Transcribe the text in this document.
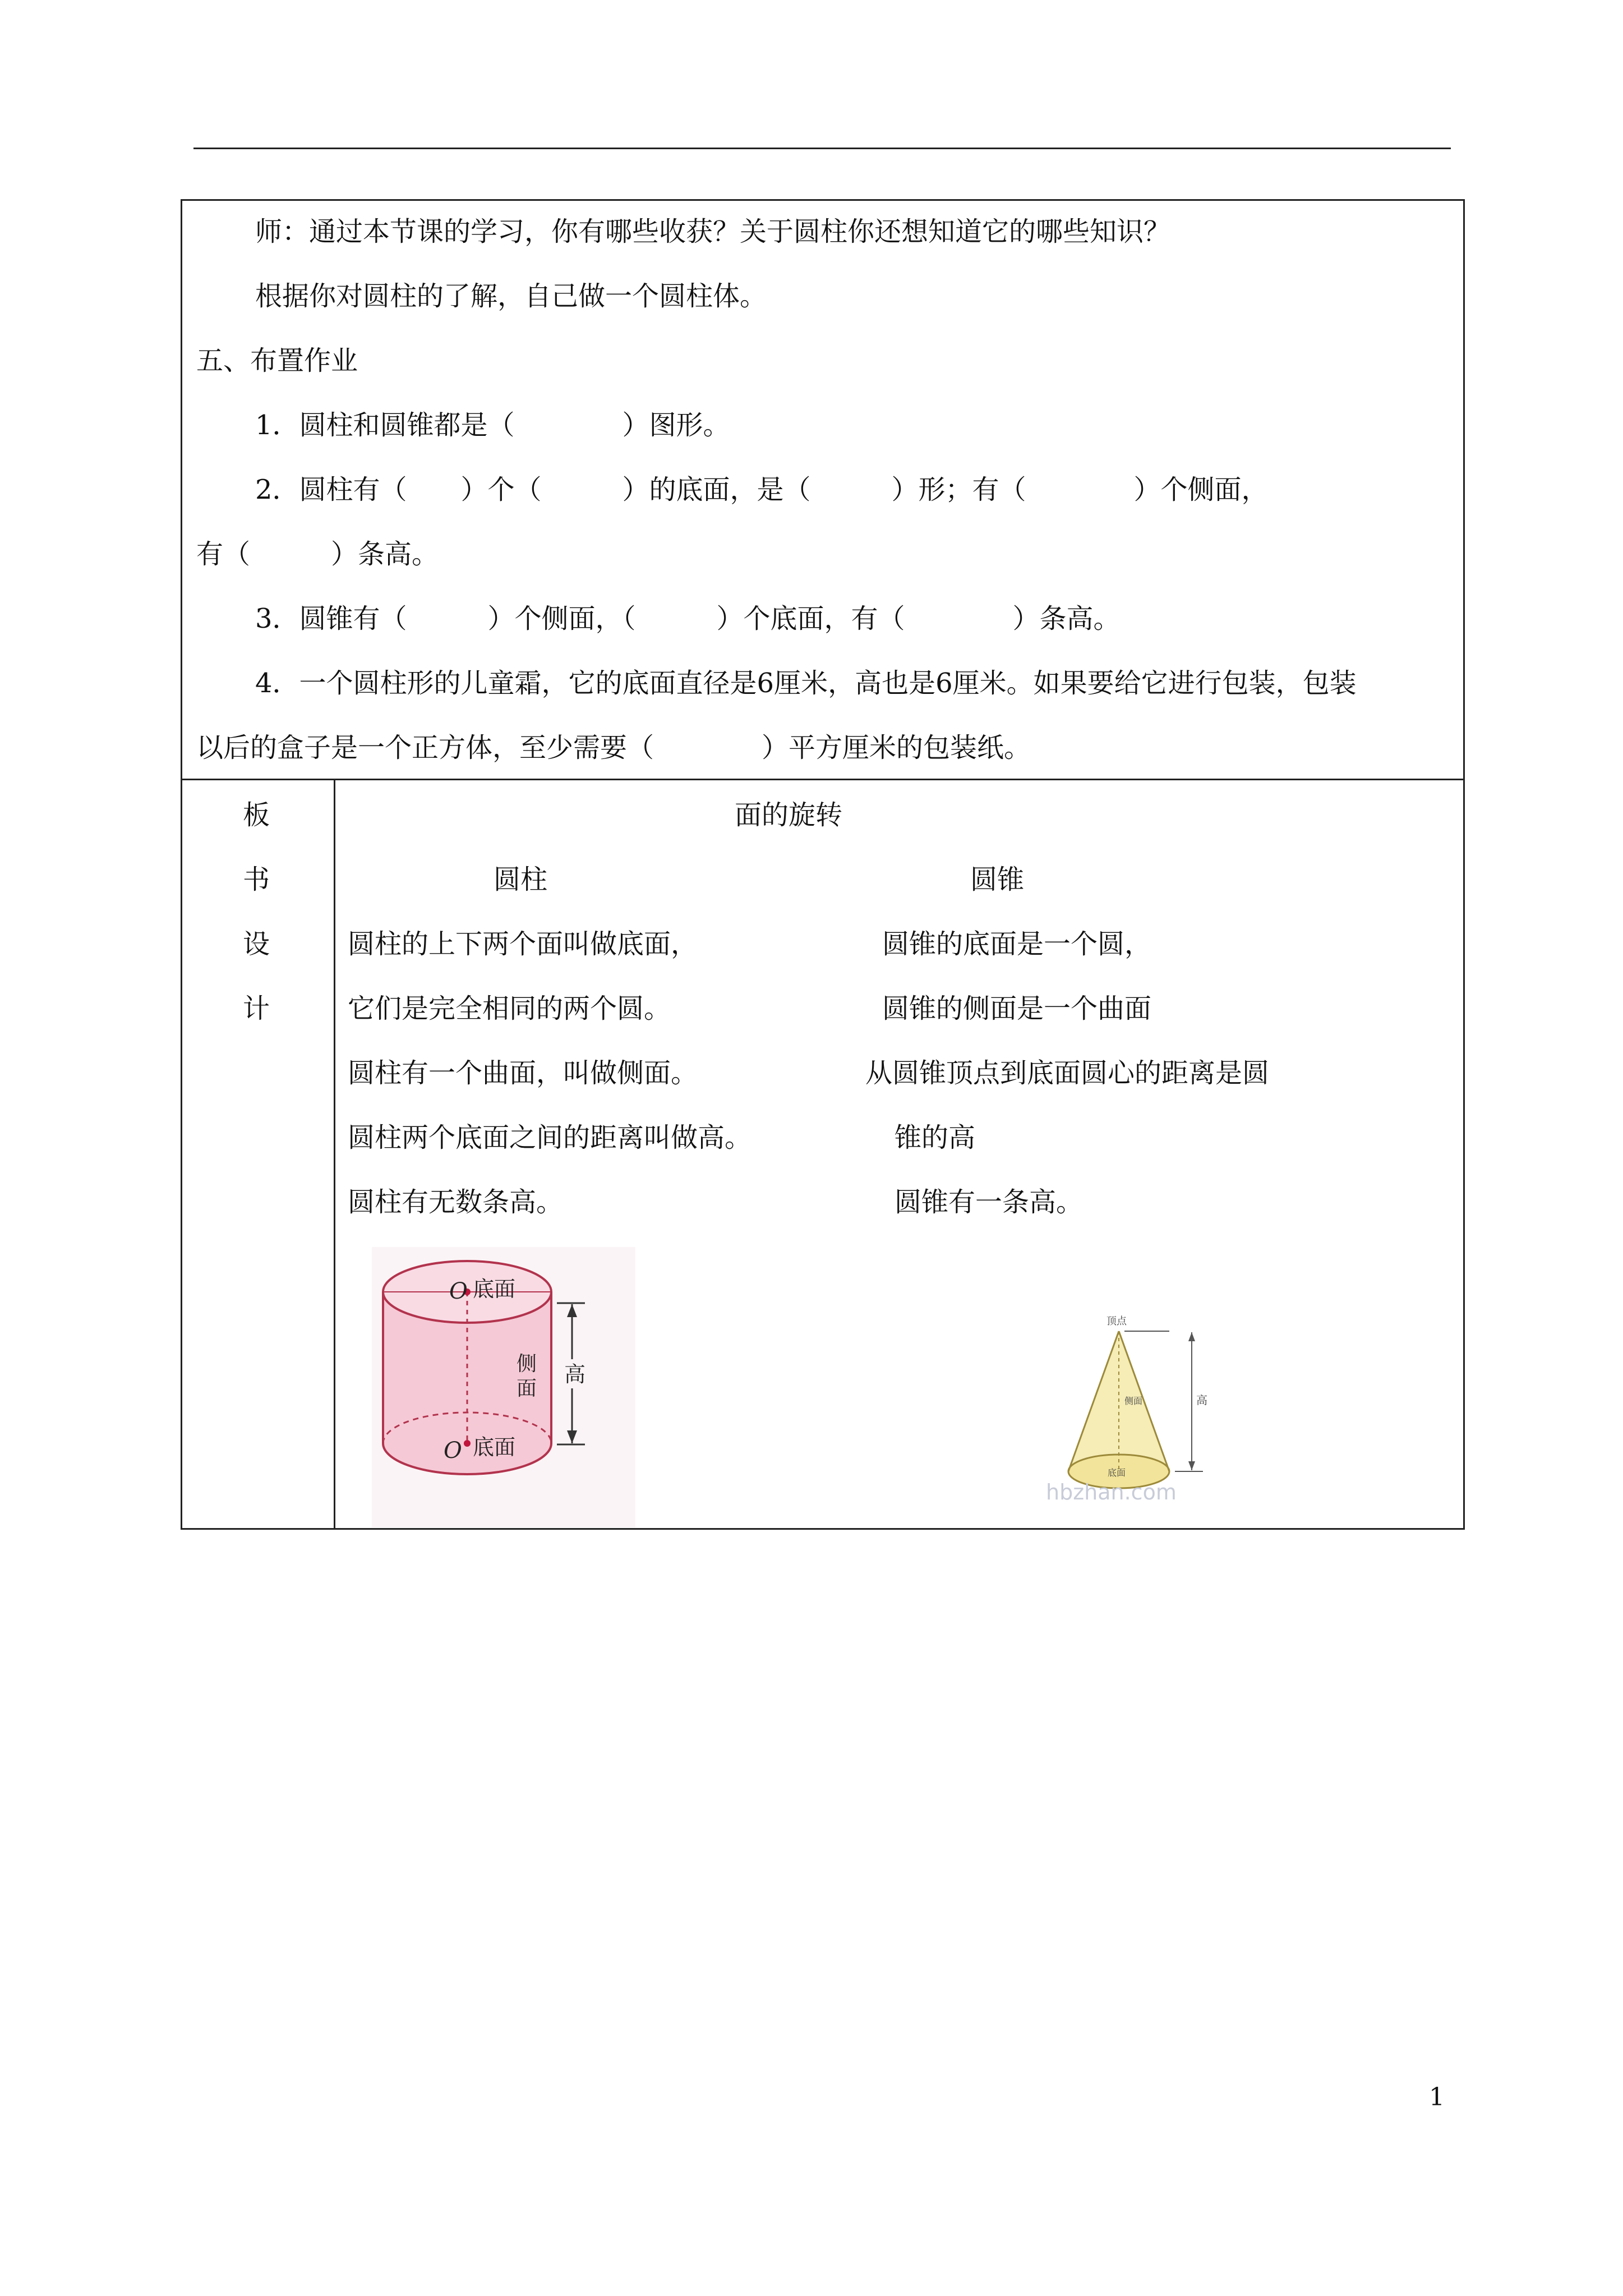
师：通过本节课的学习，你有哪些收获？关于圆柱你还想知道它的哪些知识？
根据你对圆柱的了解，自己做一个圆柱体。
五、布置作业
1．圆柱和圆锥都是（　　　　）图形。
2．圆柱有（　　）个（　　　）的底面，是（　　　）形；有（　　　　）个侧面，
有（　　　）条高。
3．圆锥有（　　　）个侧面，（　　　）个底面，有（　　　　）条高。
4．一个圆柱形的儿童霜，它的底面直径是6厘米，高也是6厘米。如果要给它进行包装，包装
以后的盒子是一个正方体，至少需要（　　　　）平方厘米的包装纸。
板
书
设
计
面的旋转
圆柱	圆锥
圆柱的上下两个面叫做底面，
它们是完全相同的两个圆。
圆柱有一个曲面，叫做侧面。
圆柱两个底面之间的距离叫做高。
圆柱有无数条高。
圆锥的底面是一个圆，
圆锥的侧面是一个曲面
从圆锥顶点到底面圆心的距离是圆
锥的高
圆锥有一条高。
O 底面
侧
面
高
O 底面
顶点
侧面	高
底面
hbzhan.com
1
